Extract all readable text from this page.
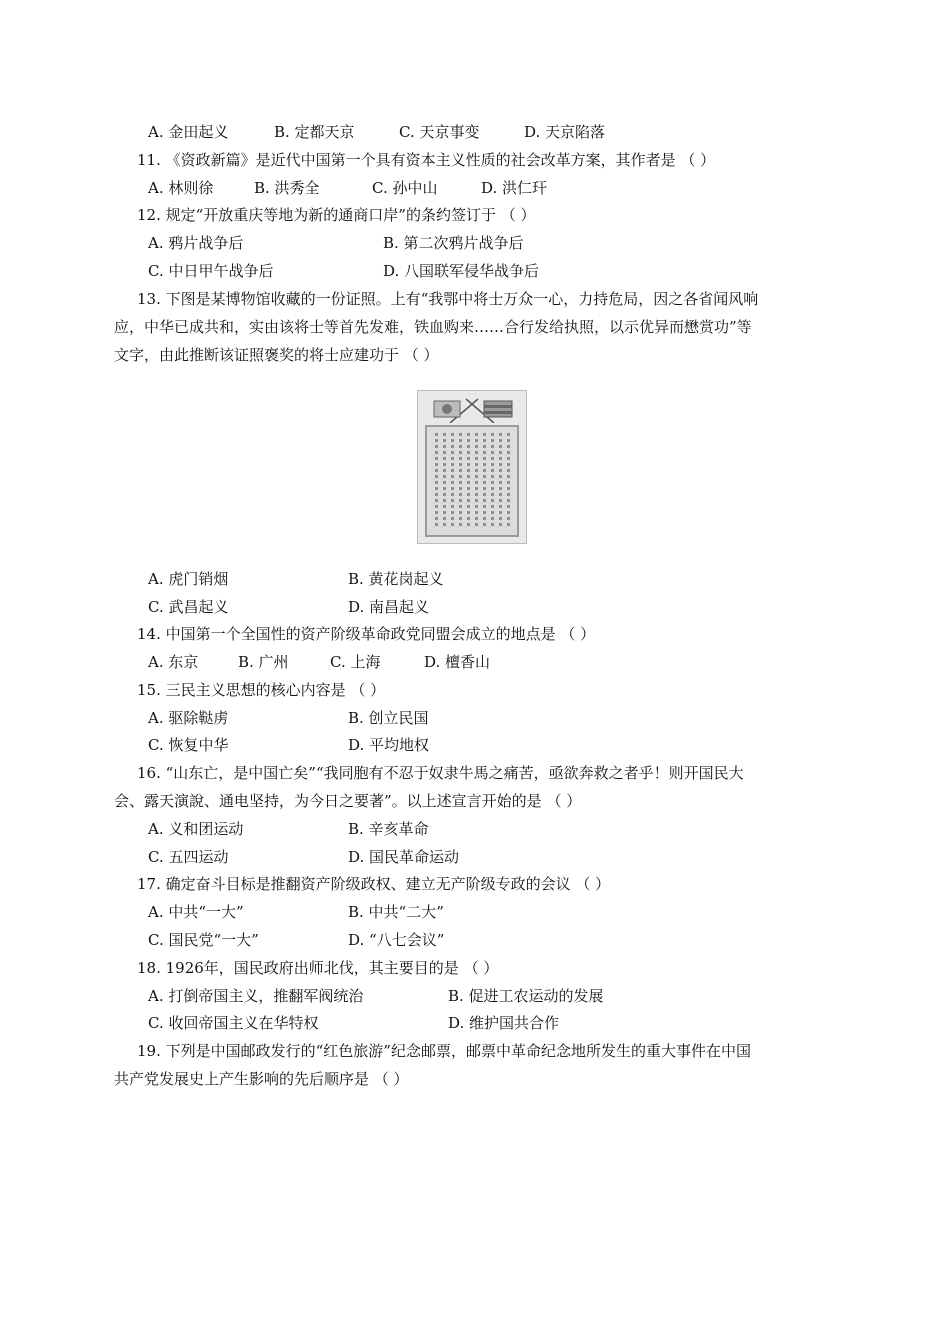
A. 金田起义	B. 定都天京	C. 天京事变	D. 天京陷落
11. 《资政新篇》是近代中国第一个具有资本主义性质的社会改革方案，其作者是 （ ）
A. 林则徐	B. 洪秀全	C. 孙中山	D. 洪仁玕
12. 规定“开放重庆等地为新的通商口岸”的条约签订于 （ ）
A. 鸦片战争后	B. 第二次鸦片战争后
C. 中日甲午战争后	D. 八国联军侵华战争后
13. 下图是某博物馆收藏的一份证照。上有“我鄂中将士万众一心，力持危局，因之各省闻风响
应，中华已成共和，实由该将士等首先发难，铁血购来……合行发给执照，以示优异而懋赏功”等
文字，由此推断该证照褒奖的将士应建功于 （ ）
A. 虎门销烟	B. 黄花岗起义
C. 武昌起义	D. 南昌起义
14. 中国第一个全国性的资产阶级革命政党同盟会成立的地点是 （ ）
A. 东京	B. 广州	C. 上海	D. 檀香山
15. 三民主义思想的核心内容是 （ ）
A. 驱除鞑虏	B. 创立民国
C. 恢复中华	D. 平均地权
16. “山东亡，是中国亡矣”“我同胞有不忍于奴隶牛馬之痛苦，亟欲奔救之者乎！则开国民大
会、露天演說、通电坚持，为今日之要著”。以上述宣言开始的是 （ ）
A. 义和团运动	B. 辛亥革命
C. 五四运动	D. 国民革命运动
17. 确定奋斗目标是推翻资产阶级政权、建立无产阶级专政的会议 （ ）
A. 中共“一大”	B. 中共“二大”
C. 国民党“一大”	D. “八七会议”
18. 1926年，国民政府出师北伐，其主要目的是 （ ）
A. 打倒帝国主义，推翻军阀统治	B. 促进工农运动的发展
C. 收回帝国主义在华特权	D. 维护国共合作
19. 下列是中国邮政发行的“红色旅游”纪念邮票，邮票中革命纪念地所发生的重大事件在中国
共产党发展史上产生影响的先后顺序是 （ ）
